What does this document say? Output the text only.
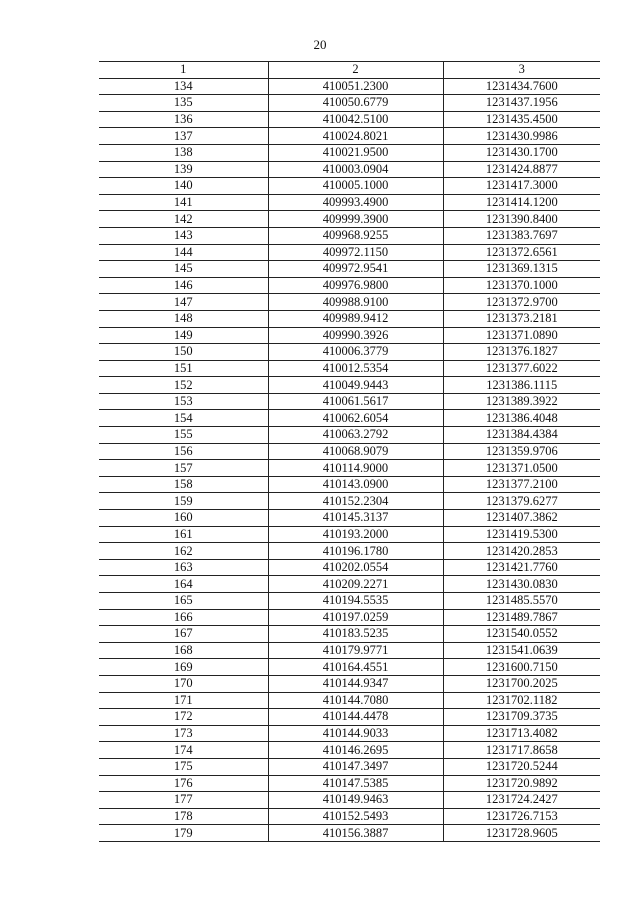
20
1	2	3
134	410051.2300	1231434.7600
135	410050.6779	1231437.1956
136	410042.5100	1231435.4500
137	410024.8021	1231430.9986
138	410021.9500	1231430.1700
139	410003.0904	1231424.8877
140	410005.1000	1231417.3000
141	409993.4900	1231414.1200
142	409999.3900	1231390.8400
143	409968.9255	1231383.7697
144	409972.1150	1231372.6561
145	409972.9541	1231369.1315
146	409976.9800	1231370.1000
147	409988.9100	1231372.9700
148	409989.9412	1231373.2181
149	409990.3926	1231371.0890
150	410006.3779	1231376.1827
151	410012.5354	1231377.6022
152	410049.9443	1231386.1115
153	410061.5617	1231389.3922
154	410062.6054	1231386.4048
155	410063.2792	1231384.4384
156	410068.9079	1231359.9706
157	410114.9000	1231371.0500
158	410143.0900	1231377.2100
159	410152.2304	1231379.6277
160	410145.3137	1231407.3862
161	410193.2000	1231419.5300
162	410196.1780	1231420.2853
163	410202.0554	1231421.7760
164	410209.2271	1231430.0830
165	410194.5535	1231485.5570
166	410197.0259	1231489.7867
167	410183.5235	1231540.0552
168	410179.9771	1231541.0639
169	410164.4551	1231600.7150
170	410144.9347	1231700.2025
171	410144.7080	1231702.1182
172	410144.4478	1231709.3735
173	410144.9033	1231713.4082
174	410146.2695	1231717.8658
175	410147.3497	1231720.5244
176	410147.5385	1231720.9892
177	410149.9463	1231724.2427
178	410152.5493	1231726.7153
179	410156.3887	1231728.9605
